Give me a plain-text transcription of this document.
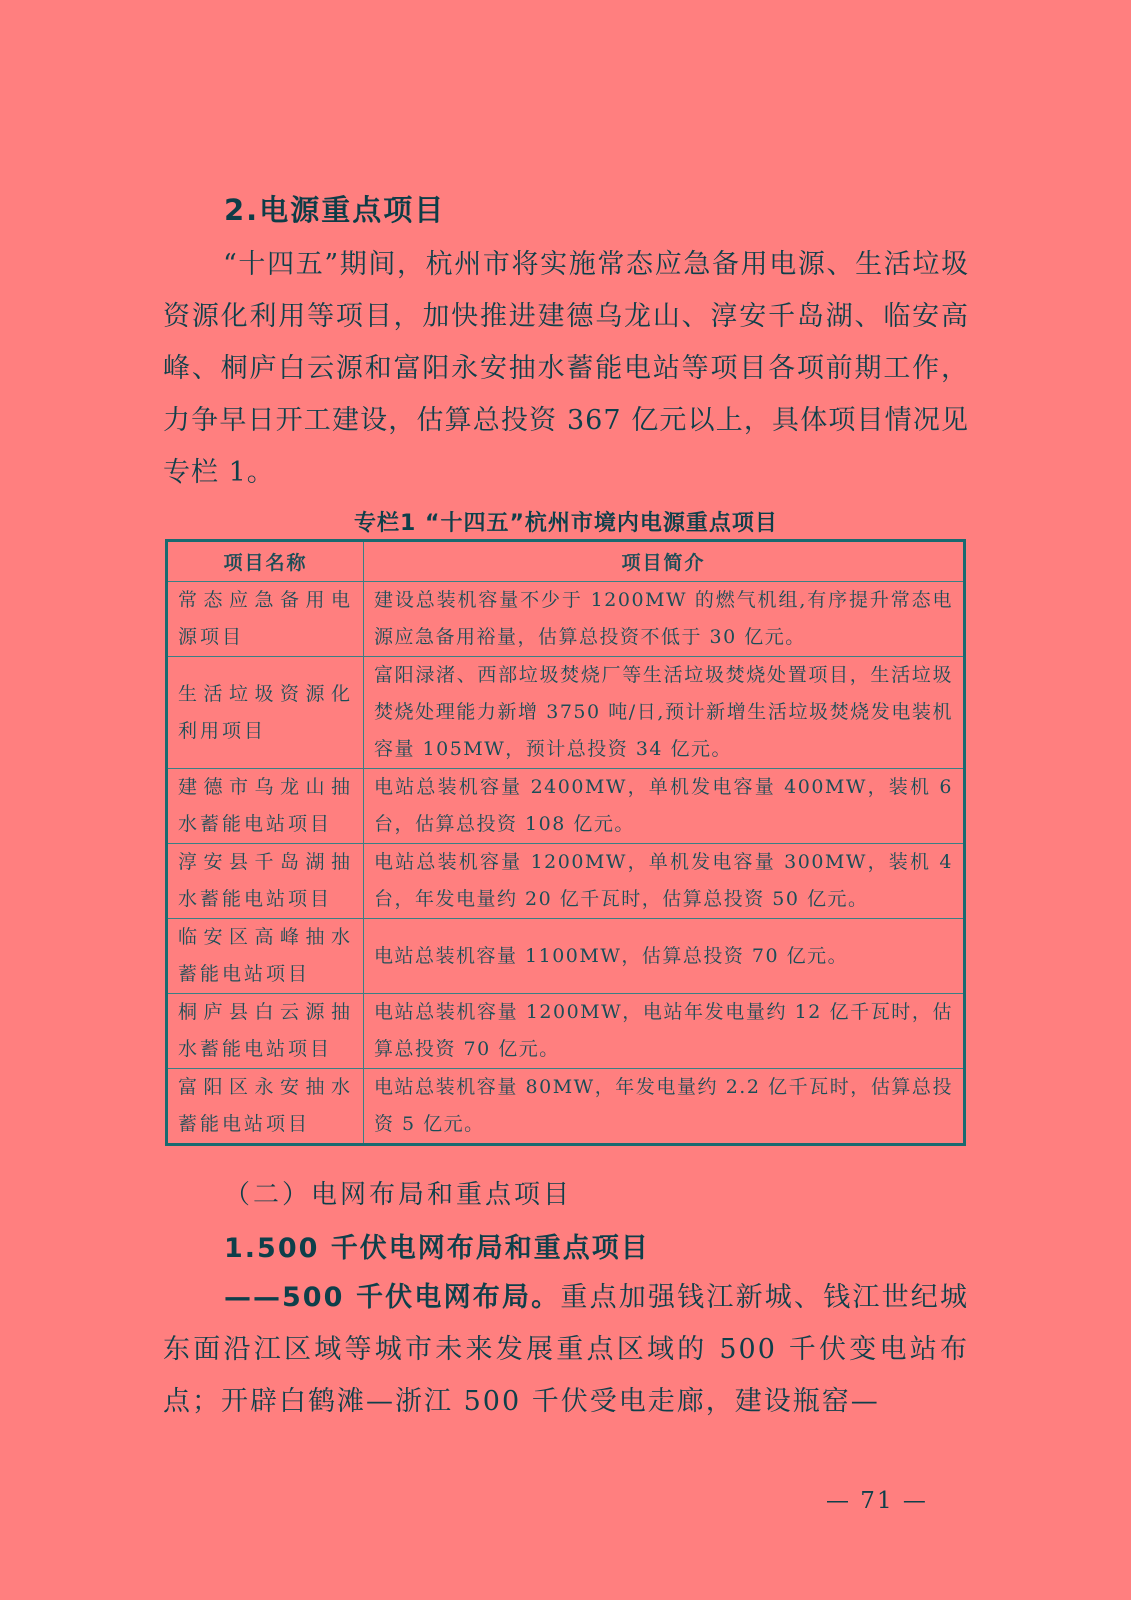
2.电源重点项目
“十四五”期间，杭州市将实施常态应急备用电源、生活垃圾资源化利用等项目，加快推进建德乌龙山、淳安千岛湖、临安高峰、桐庐白云源和富阳永安抽水蓄能电站等项目各项前期工作，力争早日开工建设，估算总投资 367 亿元以上，具体项目情况见专栏 1。
专栏1 “十四五”杭州市境内电源重点项目
项目名称	项目简介
常态应急备用电源项目	建设总装机容量不少于 1200MW 的燃气机组,有序提升常态电源应急备用裕量，估算总投资不低于 30 亿元。
生活垃圾资源化利用项目	富阳渌渚、西部垃圾焚烧厂等生活垃圾焚烧处置项目，生活垃圾焚烧处理能力新增 3750 吨/日,预计新增生活垃圾焚烧发电装机容量 105MW，预计总投资 34 亿元。
建德市乌龙山抽水蓄能电站项目	电站总装机容量 2400MW，单机发电容量 400MW，装机 6 台，估算总投资 108 亿元。
淳安县千岛湖抽水蓄能电站项目	电站总装机容量 1200MW，单机发电容量 300MW，装机 4 台，年发电量约 20 亿千瓦时，估算总投资 50 亿元。
临安区高峰抽水蓄能电站项目	电站总装机容量 1100MW，估算总投资 70 亿元。
桐庐县白云源抽水蓄能电站项目	电站总装机容量 1200MW，电站年发电量约 12 亿千瓦时，估算总投资 70 亿元。
富阳区永安抽水蓄能电站项目	电站总装机容量 80MW，年发电量约 2.2 亿千瓦时，估算总投资 5 亿元。
（二）电网布局和重点项目
1.500 千伏电网布局和重点项目
——500 千伏电网布局。重点加强钱江新城、钱江世纪城东面沿江区域等城市未来发展重点区域的 500 千伏变电站布点；开辟白鹤滩—浙江 500 千伏受电走廊，建设瓶窑—
— 71 —
